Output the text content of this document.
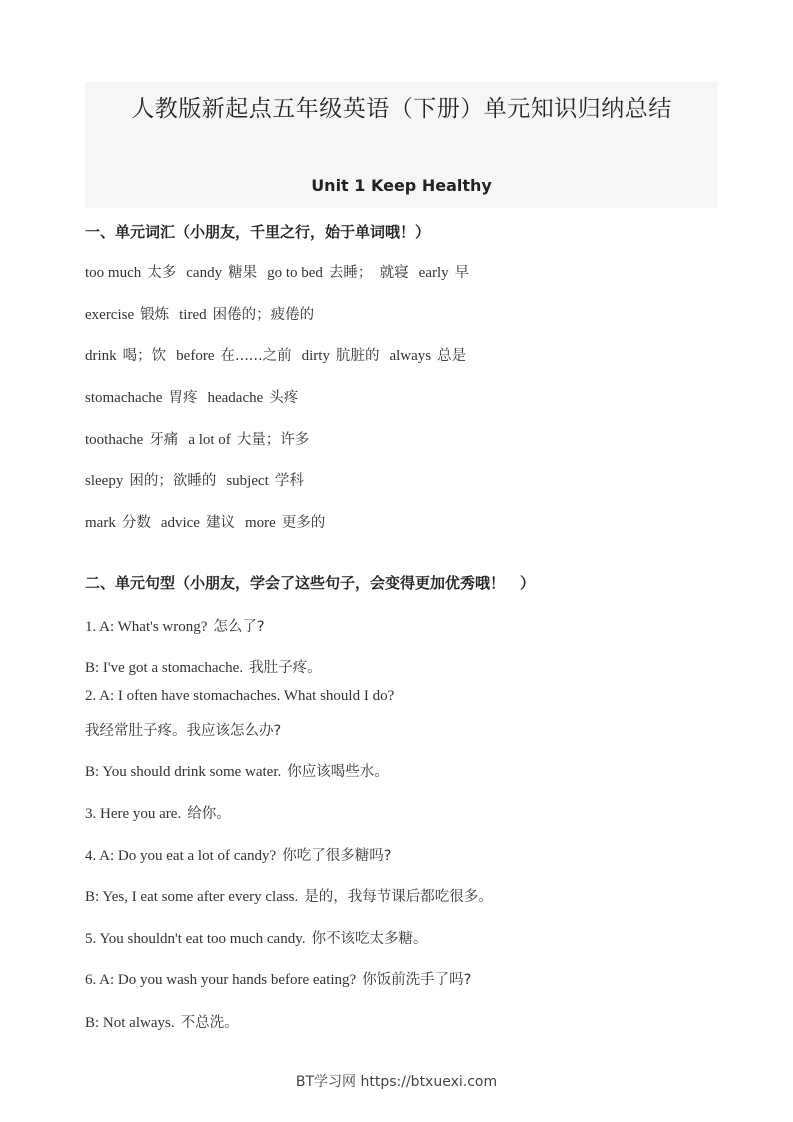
人教版新起点五年级英语（下册）单元知识归纳总结
Unit 1 Keep Healthy
一、单元词汇（小朋友，千里之行，始于单词哦！）
too much 太多 candy 糖果 go to bed 去睡；　就寝 early 早
exercise 锻炼 tired 困倦的；疲倦的
drink 喝；饮 before 在......之前 dirty 肮脏的 always 总是
stomachache 胃疼 headache 头疼
toothache 牙痛 a lot of 大量；许多
sleepy 困的；欲睡的 subject 学科
mark 分数 advice 建议 more 更多的
二、单元句型（小朋友，学会了这些句子，会变得更加优秀哦！　）
1. A: What's wrong? 怎么了?
B: I've got a stomachache. 我肚子疼。
2. A: I often have stomachaches. What should I do?
我经常肚子疼。我应该怎么办?
B: You should drink some water. 你应该喝些水。
3. Here you are. 给你。
4. A: Do you eat a lot of candy? 你吃了很多糖吗?
B: Yes, I eat some after every class. 是的，我每节课后都吃很多。
5. You shouldn't eat too much candy. 你不该吃太多糖。
6. A: Do you wash your hands before eating? 你饭前洗手了吗?
B: Not always. 不总洗。
BT学习网 https://btxuexi.com
